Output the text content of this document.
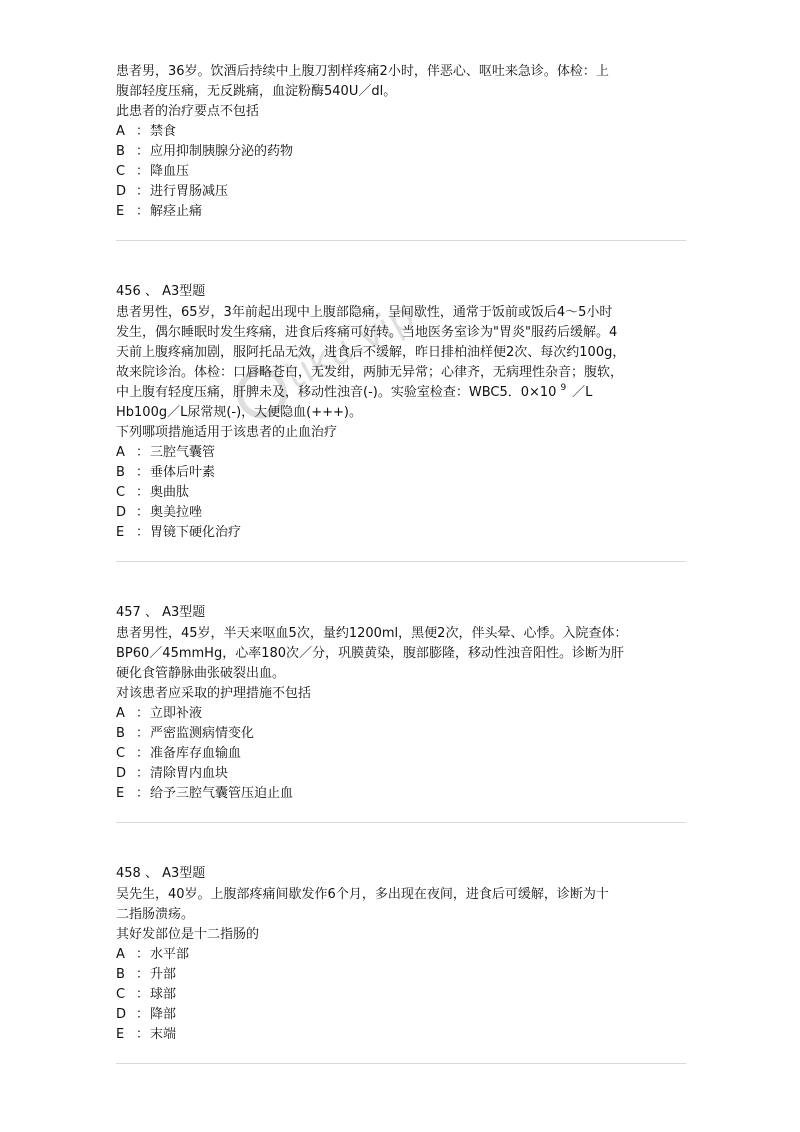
tiku.vip
患者男，36岁。饮酒后持续中上腹刀割样疼痛2小时，伴恶心、呕吐来急诊。体检：上
腹部轻度压痛，无反跳痛，血淀粉酶540U／dl。
此患者的治疗要点不包括
A ：禁食
B ：应用抑制胰腺分泌的药物
C ：降血压
D ：进行胃肠减压
E ：解痉止痛
456 、 A3型题
患者男性，65岁，3年前起出现中上腹部隐痛，呈间歇性，通常于饭前或饭后4～5小时
发生，偶尔睡眠时发生疼痛，进食后疼痛可好转。当地医务室诊为"胃炎"服药后缓解。4
天前上腹疼痛加剧，服阿托品无效，进食后不缓解，昨日排柏油样便2次、每次约100g，
故来院诊治。体检：口唇略苍白，无发绀，两肺无异常；心律齐，无病理性杂音；腹软，
中上腹有轻度压痛，肝脾未及，移动性浊音(-)。实验室检查：WBC5．0×10 $^9$ ／L
Hb100g／L尿常规(-)，大便隐血(+++)。
下列哪项措施适用于该患者的止血治疗
A ：三腔气囊管
B ：垂体后叶素
C ：奥曲肽
D ：奥美拉唑
E ：胃镜下硬化治疗
457 、 A3型题
患者男性，45岁，半天来呕血5次，量约1200ml，黑便2次，伴头晕、心悸。入院查体：
BP60／45mmHg，心率180次／分，巩膜黄染，腹部膨隆，移动性浊音阳性。诊断为肝
硬化食管静脉曲张破裂出血。
对该患者应采取的护理措施不包括
A ：立即补液
B ：严密监测病情变化
C ：准备库存血输血
D ：清除胃内血块
E ：给予三腔气囊管压迫止血
458 、 A3型题
吴先生，40岁。上腹部疼痛间歇发作6个月，多出现在夜间，进食后可缓解，诊断为十
二指肠溃疡。
其好发部位是十二指肠的
A ：水平部
B ：升部
C ：球部
D ：降部
E ：末端
